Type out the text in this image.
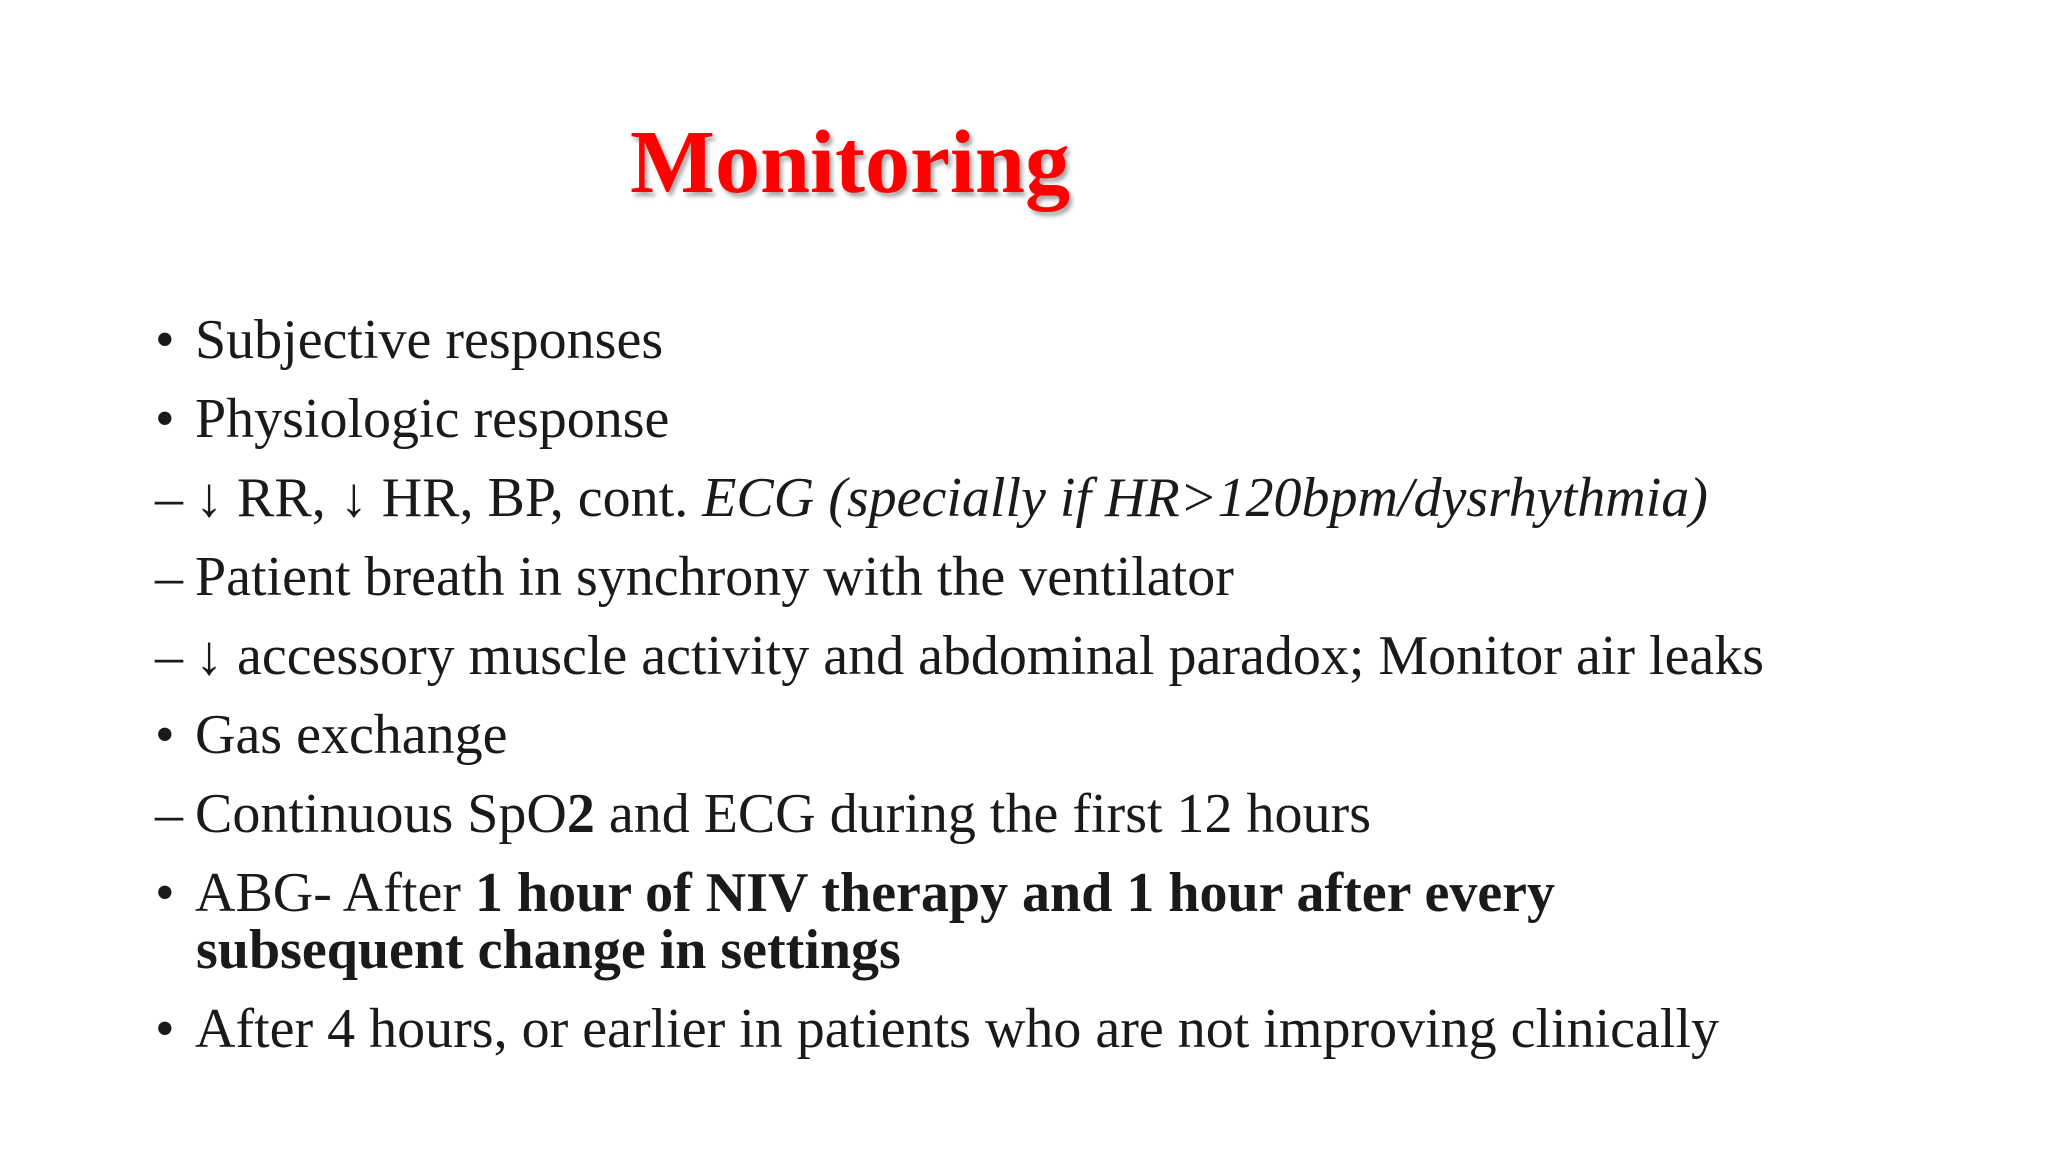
Monitoring
• Subjective responses
• Physiologic response
– ↓ RR, ↓ HR, BP, cont. ECG (specially if HR>120bpm/dysrhythmia)
– Patient breath in synchrony with the ventilator
– ↓ accessory muscle activity and abdominal paradox; Monitor air leaks
• Gas exchange
– Continuous SpO2 and ECG during the first 12 hours
• ABG- After 1 hour of NIV therapy and 1 hour after every
subsequent change in settings
• After 4 hours, or earlier in patients who are not improving clinically
